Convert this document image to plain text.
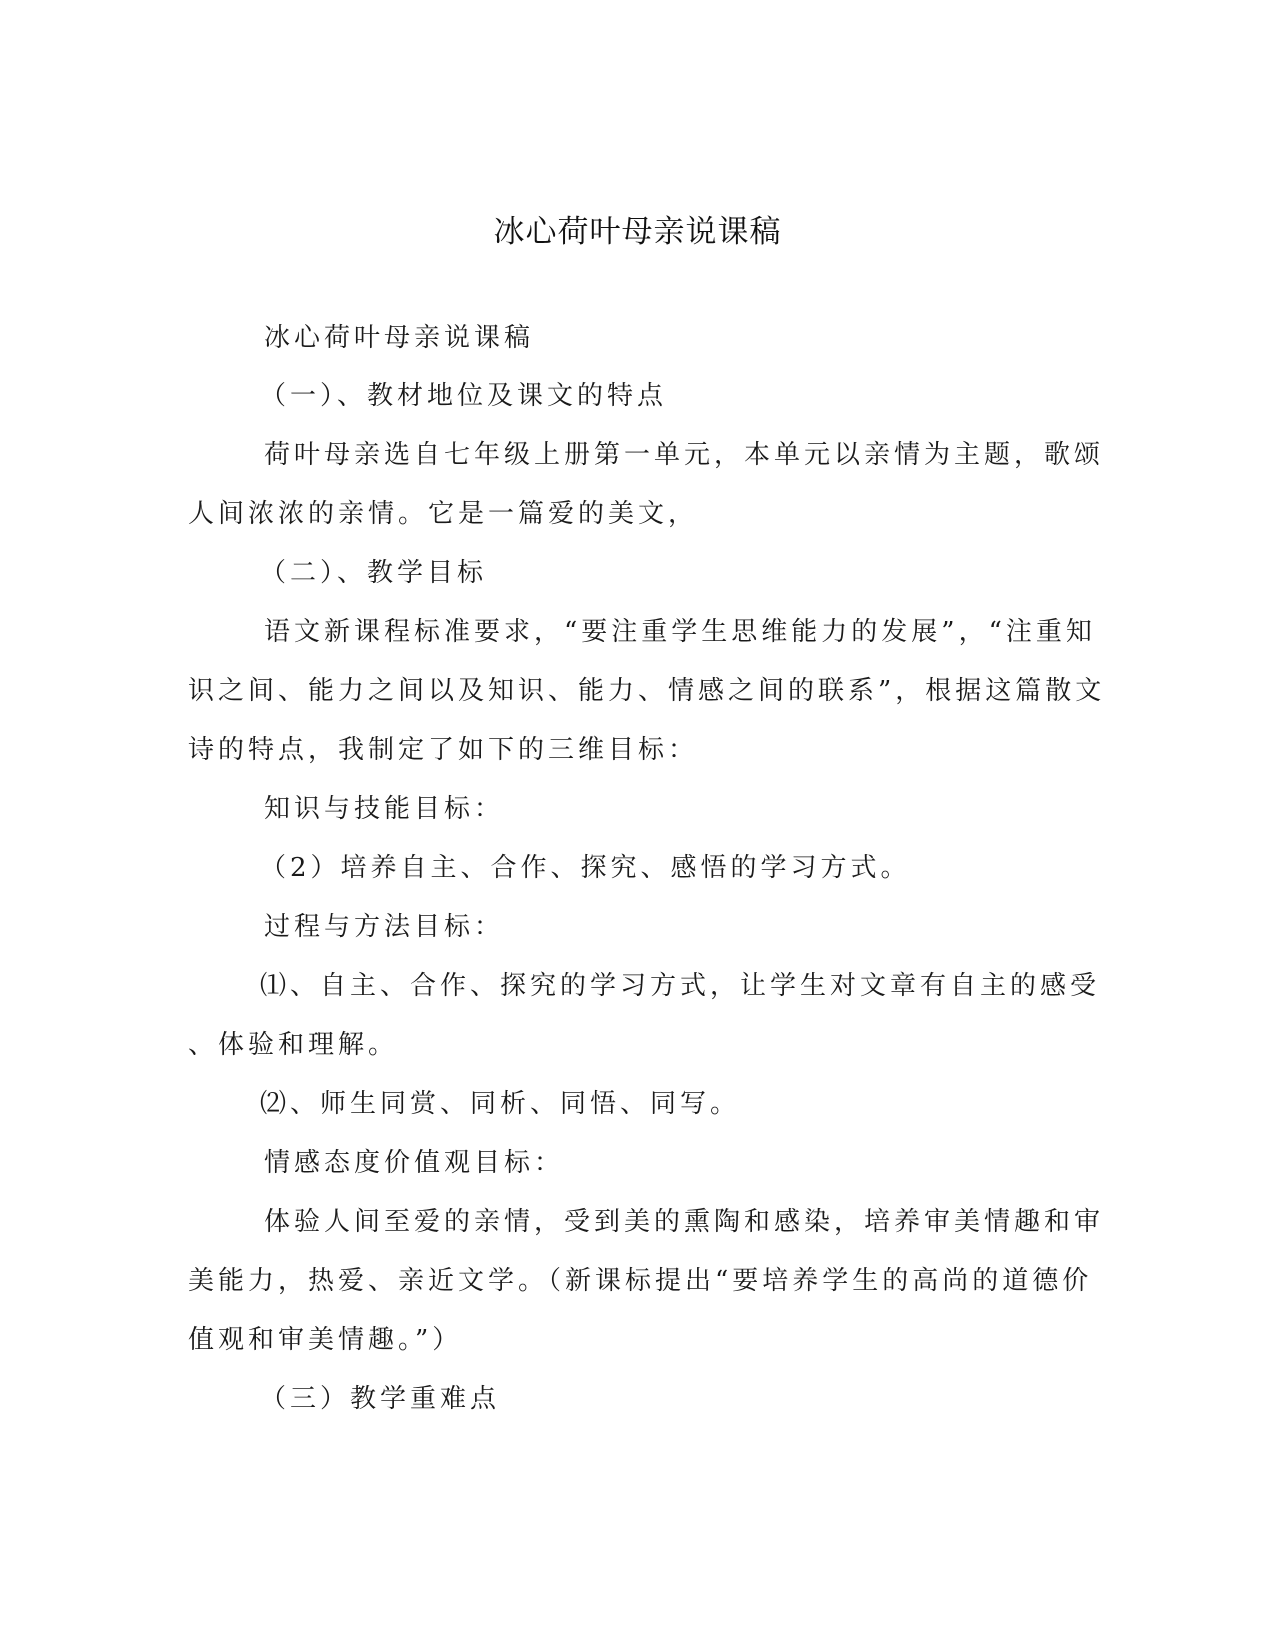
冰心荷叶母亲说课稿
冰心荷叶母亲说课稿
（一）、教材地位及课文的特点
荷叶母亲选自七年级上册第一单元，本单元以亲情为主题，歌颂
人间浓浓的亲情。它是一篇爱的美文，
（二）、教学目标
语文新课程标准要求，“要注重学生思维能力的发展”，“注重知
识之间、能力之间以及知识、能力、情感之间的联系”，根据这篇散文
诗的特点，我制定了如下的三维目标：
知识与技能目标：
（2）培养自主、合作、探究、感悟的学习方式。
过程与方法目标：
⑴、自主、合作、探究的学习方式，让学生对文章有自主的感受
、体验和理解。
⑵、师生同赏、同析、同悟、同写。
情感态度价值观目标：
体验人间至爱的亲情，受到美的熏陶和感染，培养审美情趣和审
美能力，热爱、亲近文学。（新课标提出“要培养学生的高尚的道德价
值观和审美情趣。”）
（三）教学重难点
